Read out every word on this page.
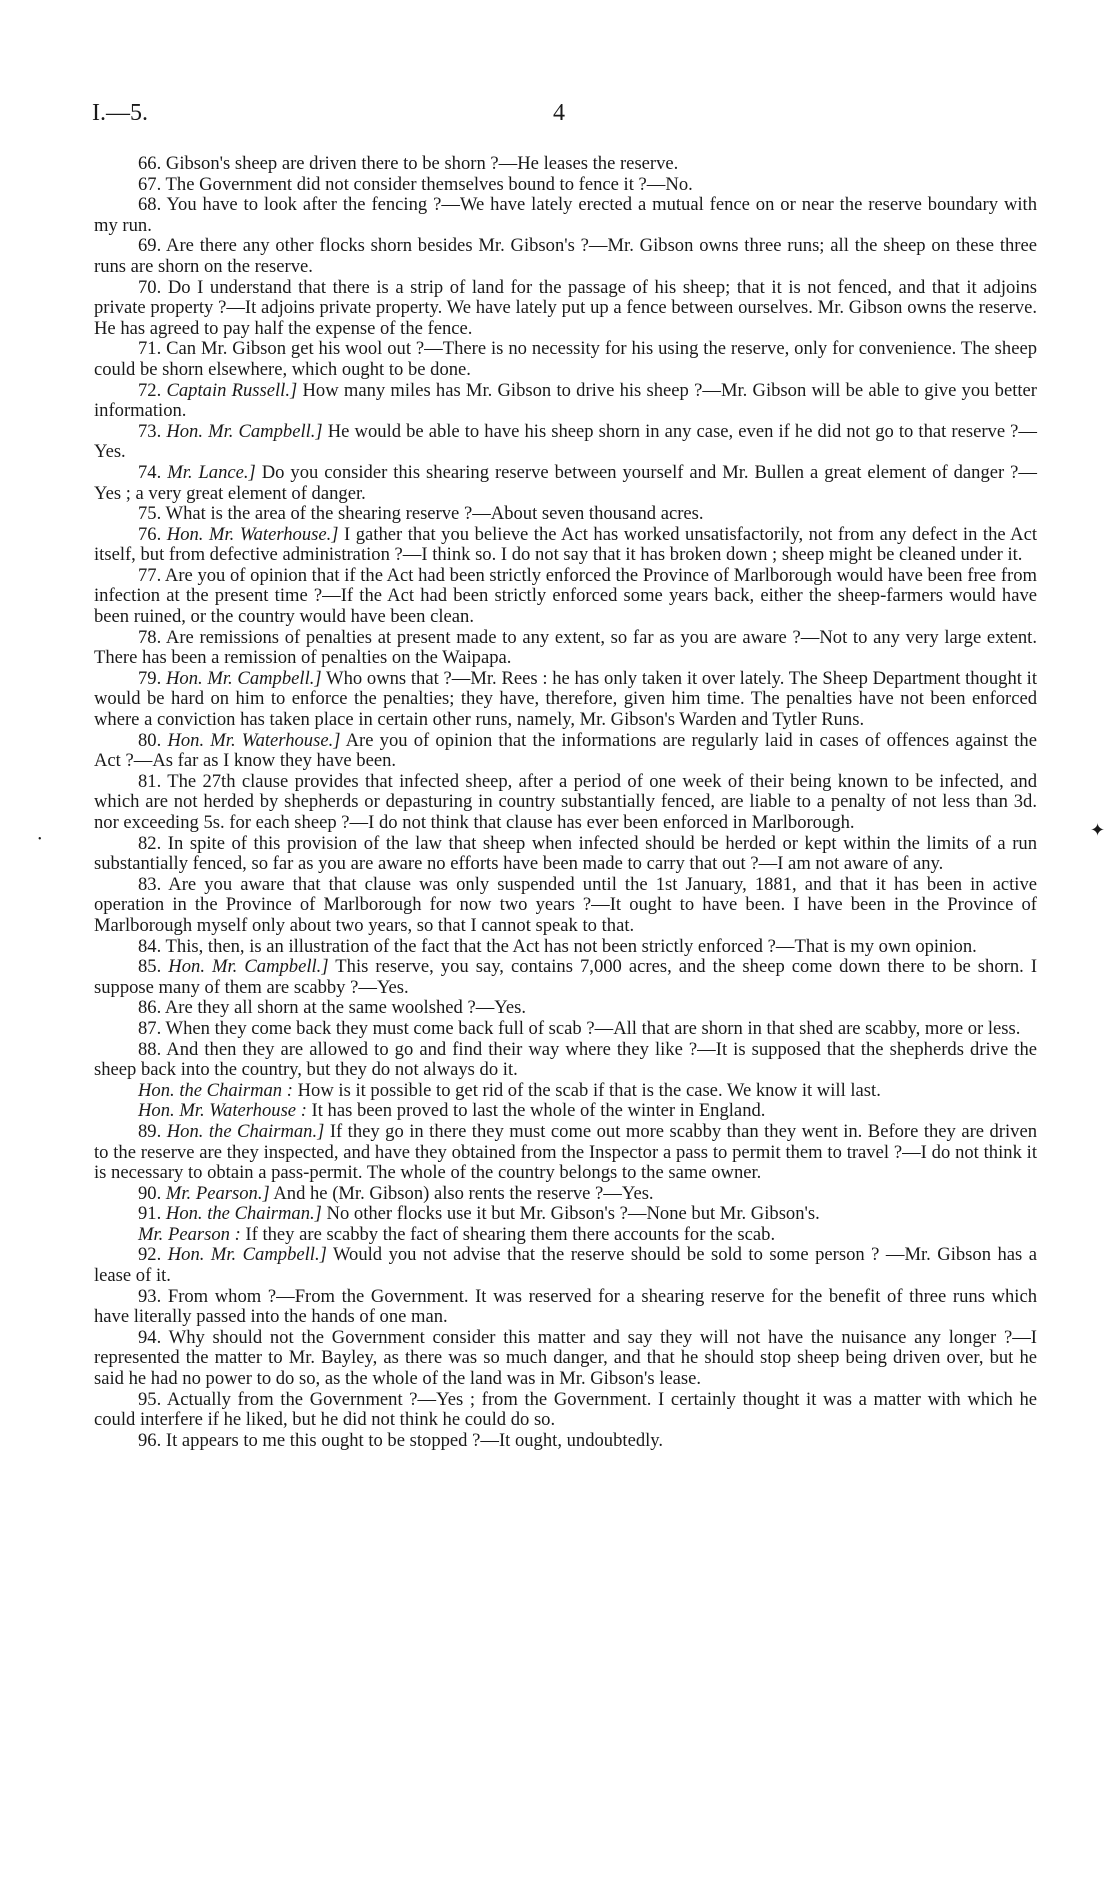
I.—5.	4
✦
•

66. Gibson's sheep are driven there to be shorn ?—He leases the reserve.

67. The Government did not consider themselves bound to fence it ?—No.

68. You have to look after the fencing ?—We have lately erected a mutual fence on or near the reserve boundary with my run.

69. Are there any other flocks shorn besides Mr. Gibson's ?—Mr. Gibson owns three runs; all the sheep on these three runs are shorn on the reserve.

70. Do I understand that there is a strip of land for the passage of his sheep; that it is not fenced, and that it adjoins private property ?—It adjoins private property. We have lately put up a fence between ourselves. Mr. Gibson owns the reserve. He has agreed to pay half the expense of the fence.

71. Can Mr. Gibson get his wool out ?—There is no necessity for his using the reserve, only for convenience. The sheep could be shorn elsewhere, which ought to be done.

72. Captain Russell.] How many miles has Mr. Gibson to drive his sheep ?—Mr. Gibson will be able to give you better information.

73. Hon. Mr. Campbell.] He would be able to have his sheep shorn in any case, even if he did not go to that reserve ?—Yes.

74. Mr. Lance.] Do you consider this shearing reserve between yourself and Mr. Bullen a great element of danger ?—Yes ; a very great element of danger.

75. What is the area of the shearing reserve ?—About seven thousand acres.

76. Hon. Mr. Waterhouse.] I gather that you believe the Act has worked unsatisfactorily, not from any defect in the Act itself, but from defective administration ?—I think so. I do not say that it has broken down ; sheep might be cleaned under it.

77. Are you of opinion that if the Act had been strictly enforced the Province of Marlborough would have been free from infection at the present time ?—If the Act had been strictly enforced some years back, either the sheep-farmers would have been ruined, or the country would have been clean.

78. Are remissions of penalties at present made to any extent, so far as you are aware ?—Not to any very large extent. There has been a remission of penalties on the Waipapa.

79. Hon. Mr. Campbell.] Who owns that ?—Mr. Rees : he has only taken it over lately. The Sheep Department thought it would be hard on him to enforce the penalties; they have, therefore, given him time. The penalties have not been enforced where a conviction has taken place in certain other runs, namely, Mr. Gibson's Warden and Tytler Runs.

80. Hon. Mr. Waterhouse.] Are you of opinion that the informations are regularly laid in cases of offences against the Act ?—As far as I know they have been.

81. The 27th clause provides that infected sheep, after a period of one week of their being known to be infected, and which are not herded by shepherds or depasturing in country substantially fenced, are liable to a penalty of not less than 3d. nor exceeding 5s. for each sheep ?—I do not think that clause has ever been enforced in Marlborough.

82. In spite of this provision of the law that sheep when infected should be herded or kept within the limits of a run substantially fenced, so far as you are aware no efforts have been made to carry that out ?—I am not aware of any.

83. Are you aware that that clause was only suspended until the 1st January, 1881, and that it has been in active operation in the Province of Marlborough for now two years ?—It ought to have been. I have been in the Province of Marlborough myself only about two years, so that I cannot speak to that.

84. This, then, is an illustration of the fact that the Act has not been strictly enforced ?—That is my own opinion.

85. Hon. Mr. Campbell.] This reserve, you say, contains 7,000 acres, and the sheep come down there to be shorn. I suppose many of them are scabby ?—Yes.

86. Are they all shorn at the same woolshed ?—Yes.

87. When they come back they must come back full of scab ?—All that are shorn in that shed are scabby, more or less.

88. And then they are allowed to go and find their way where they like ?—It is supposed that the shepherds drive the sheep back into the country, but they do not always do it.

Hon. the Chairman : How is it possible to get rid of the scab if that is the case. We know it will last.

Hon. Mr. Waterhouse : It has been proved to last the whole of the winter in England.

89. Hon. the Chairman.] If they go in there they must come out more scabby than they went in. Before they are driven to the reserve are they inspected, and have they obtained from the Inspector a pass to permit them to travel ?—I do not think it is necessary to obtain a pass-permit. The whole of the country belongs to the same owner.

90. Mr. Pearson.] And he (Mr. Gibson) also rents the reserve ?—Yes.

91. Hon. the Chairman.] No other flocks use it but Mr. Gibson's ?—None but Mr. Gibson's.

Mr. Pearson : If they are scabby the fact of shearing them there accounts for the scab.

92. Hon. Mr. Campbell.] Would you not advise that the reserve should be sold to some person ? —Mr. Gibson has a lease of it.

93. From whom ?—From the Government. It was reserved for a shearing reserve for the benefit of three runs which have literally passed into the hands of one man.

94. Why should not the Government consider this matter and say they will not have the nuisance any longer ?—I represented the matter to Mr. Bayley, as there was so much danger, and that he should stop sheep being driven over, but he said he had no power to do so, as the whole of the land was in Mr. Gibson's lease.

95. Actually from the Government ?—Yes ; from the Government. I certainly thought it was a matter with which he could interfere if he liked, but he did not think he could do so.

96. It appears to me this ought to be stopped ?—It ought, undoubtedly.
